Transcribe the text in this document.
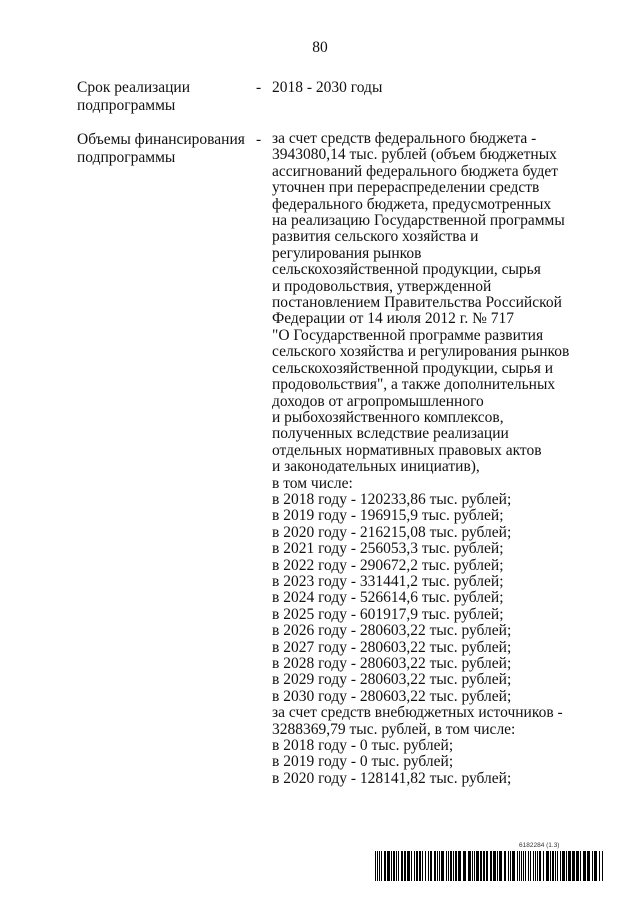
80
Срок реализации
подпрограммы
- 2018 - 2030 годы
Объемы финансирования
подпрограммы
- за счет средств федерального бюджета -
3943080,14 тыс. рублей (объем бюджетных
ассигнований федерального бюджета будет
уточнен при перераспределении средств
федерального бюджета, предусмотренных
на реализацию Государственной программы
развития сельского хозяйства и
регулирования рынков
сельскохозяйственной продукции, сырья
и продовольствия, утвержденной
постановлением Правительства Российской
Федерации от 14 июля 2012 г. № 717
"О Государственной программе развития
сельского хозяйства и регулирования рынков
сельскохозяйственной продукции, сырья и
продовольствия", а также дополнительных
доходов от агропромышленного
и рыбохозяйственного комплексов,
полученных вследствие реализации
отдельных нормативных правовых актов
и законодательных инициатив),
в том числе:
в 2018 году - 120233,86 тыс. рублей;
в 2019 году - 196915,9 тыс. рублей;
в 2020 году - 216215,08 тыс. рублей;
в 2021 году - 256053,3 тыс. рублей;
в 2022 году - 290672,2 тыс. рублей;
в 2023 году - 331441,2 тыс. рублей;
в 2024 году - 526614,6 тыс. рублей;
в 2025 году - 601917,9 тыс. рублей;
в 2026 году - 280603,22 тыс. рублей;
в 2027 году - 280603,22 тыс. рублей;
в 2028 году - 280603,22 тыс. рублей;
в 2029 году - 280603,22 тыс. рублей;
в 2030 году - 280603,22 тыс. рублей;
за счет средств внебюджетных источников -
3288369,79 тыс. рублей, в том числе:
в 2018 году - 0 тыс. рублей;
в 2019 году - 0 тыс. рублей;
в 2020 году - 128141,82 тыс. рублей;
6182284 (1.3)
